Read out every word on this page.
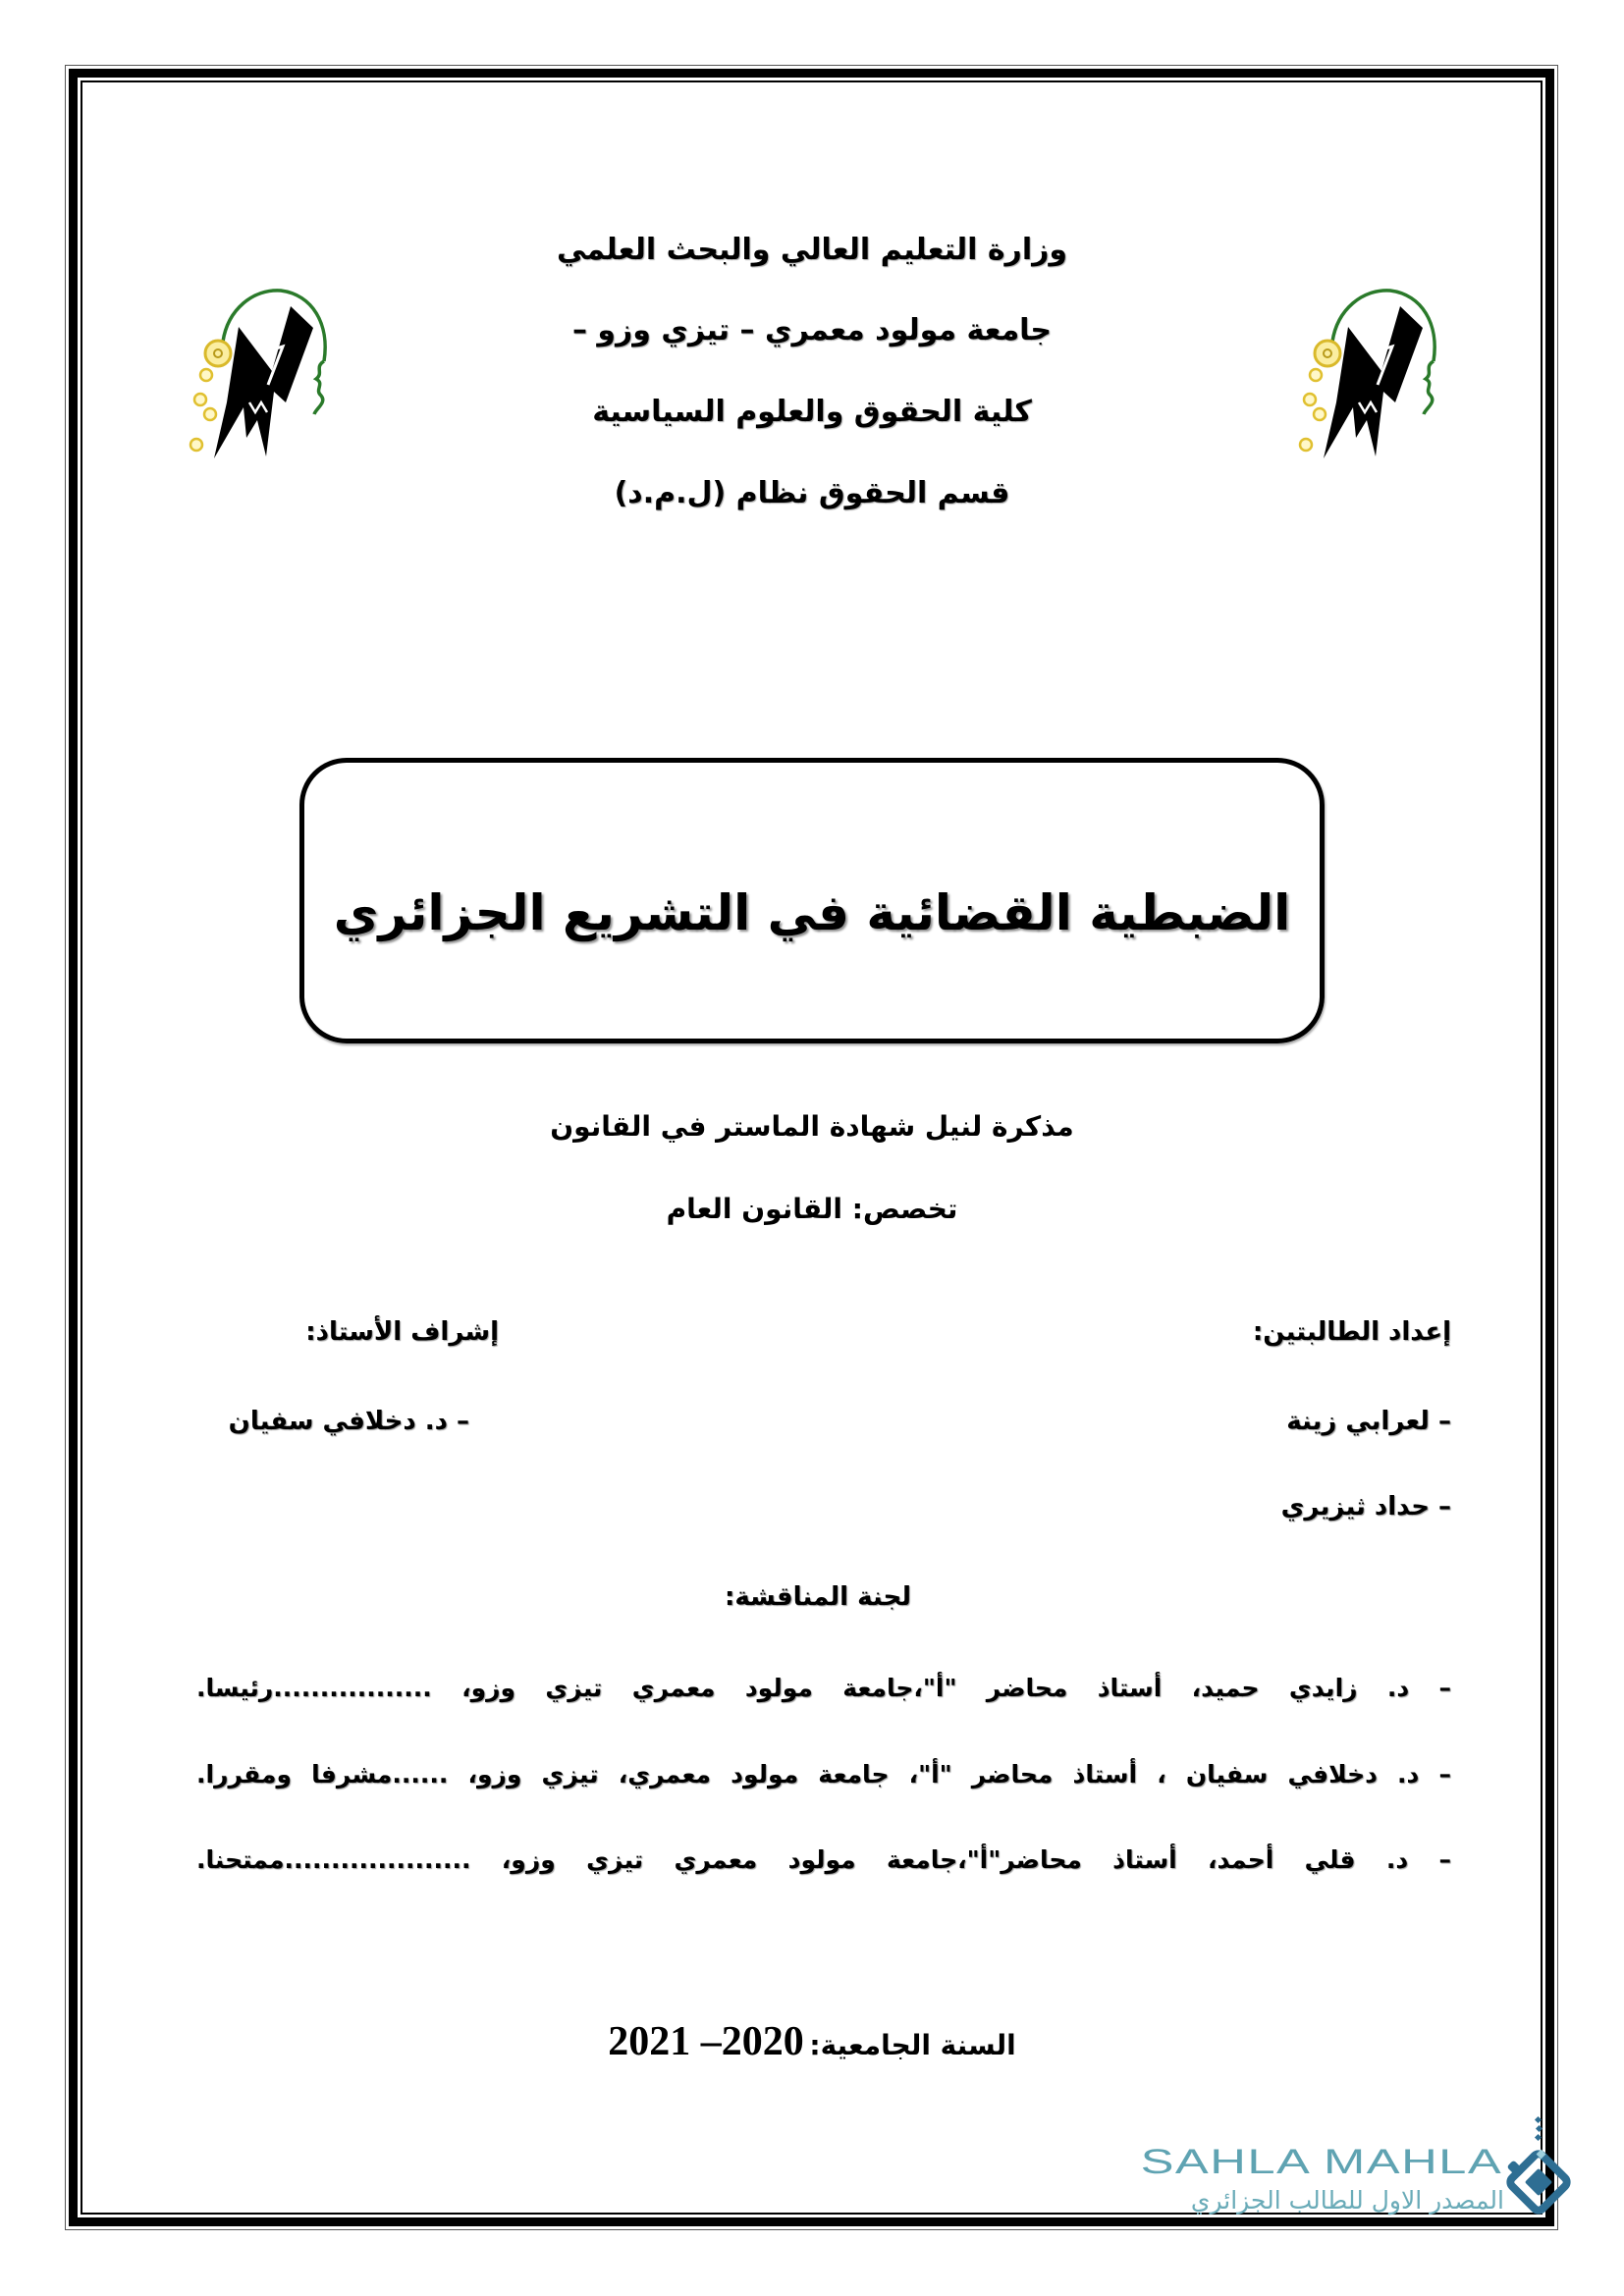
وزارة التعليم العالي والبحث العلمي
جامعة مولود معمري – تيزي وزو –
كلية الحقوق والعلوم السياسية
قسم الحقوق نظام (ل.م.د)
الضبطية القضائية في التشريع الجزائري
مذكرة لنيل شهادة الماستر في القانون
تخصص: القانون العام
إعداد الطالبتين:
إشراف الأستاذ:
– لعرابي زينة
– د. دخلافي سفيان
– حداد ثيزيري
لجنة المناقشة:
– د. زايدي حميد، أستاذ محاضر "أ"،جامعة مولود معمري تيزي وزو، .................رئيسا.
– د. دخلافي سفيان ، أستاذ محاضر "أ"، جامعة مولود معمري، تيزي وزو، ......مشرفا ومقررا.
– د. قلي أحمد، أستاذ محاضر"أ"،جامعة مولود معمري تيزي وزو، ....................ممتحنا.
السنة الجامعية: 2020– 2021
SAHLA MAHLA
المصدر الاول للطالب الجزائري
